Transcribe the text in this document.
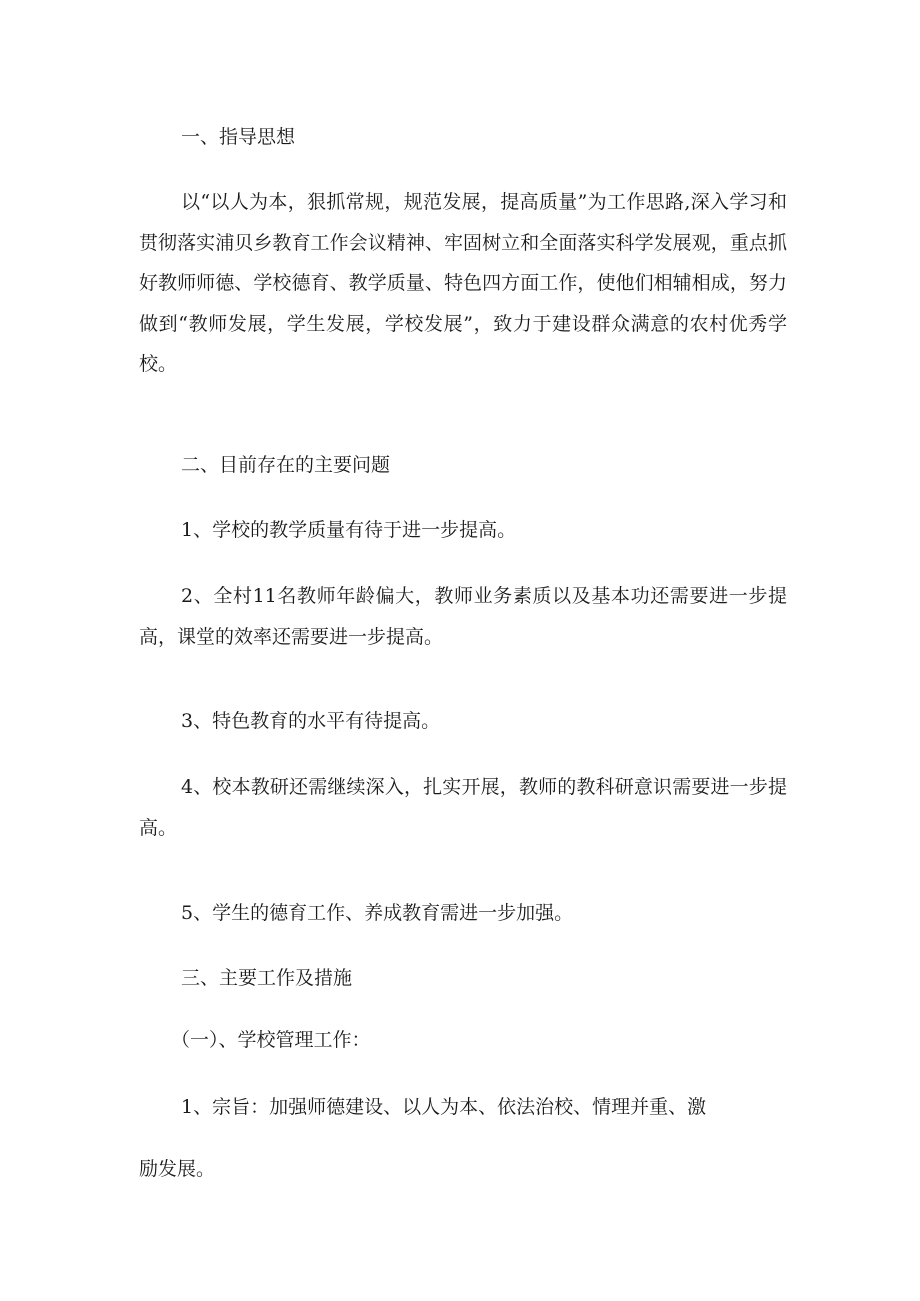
一、指导思想

以“以人为本，狠抓常规，规范发展，提高质量”为工作思路,深入学习和贯彻落实浦贝乡教育工作会议精神、牢固树立和全面落实科学发展观，重点抓好教师师德、学校德育、教学质量、特色四方面工作，使他们相辅相成，努力做到“教师发展，学生发展，学校发展”，致力于建设群众满意的农村优秀学校。

二、目前存在的主要问题

1、学校的教学质量有待于进一步提高。

2、全村11名教师年龄偏大，教师业务素质以及基本功还需要进一步提高，课堂的效率还需要进一步提高。

3、特色教育的水平有待提高。

4、校本教研还需继续深入，扎实开展，教师的教科研意识需要进一步提高。

5、学生的德育工作、养成教育需进一步加强。

三、主要工作及措施

（一）、学校管理工作：

1、宗旨：加强师德建设、以人为本、依法治校、情理并重、激

励发展。
